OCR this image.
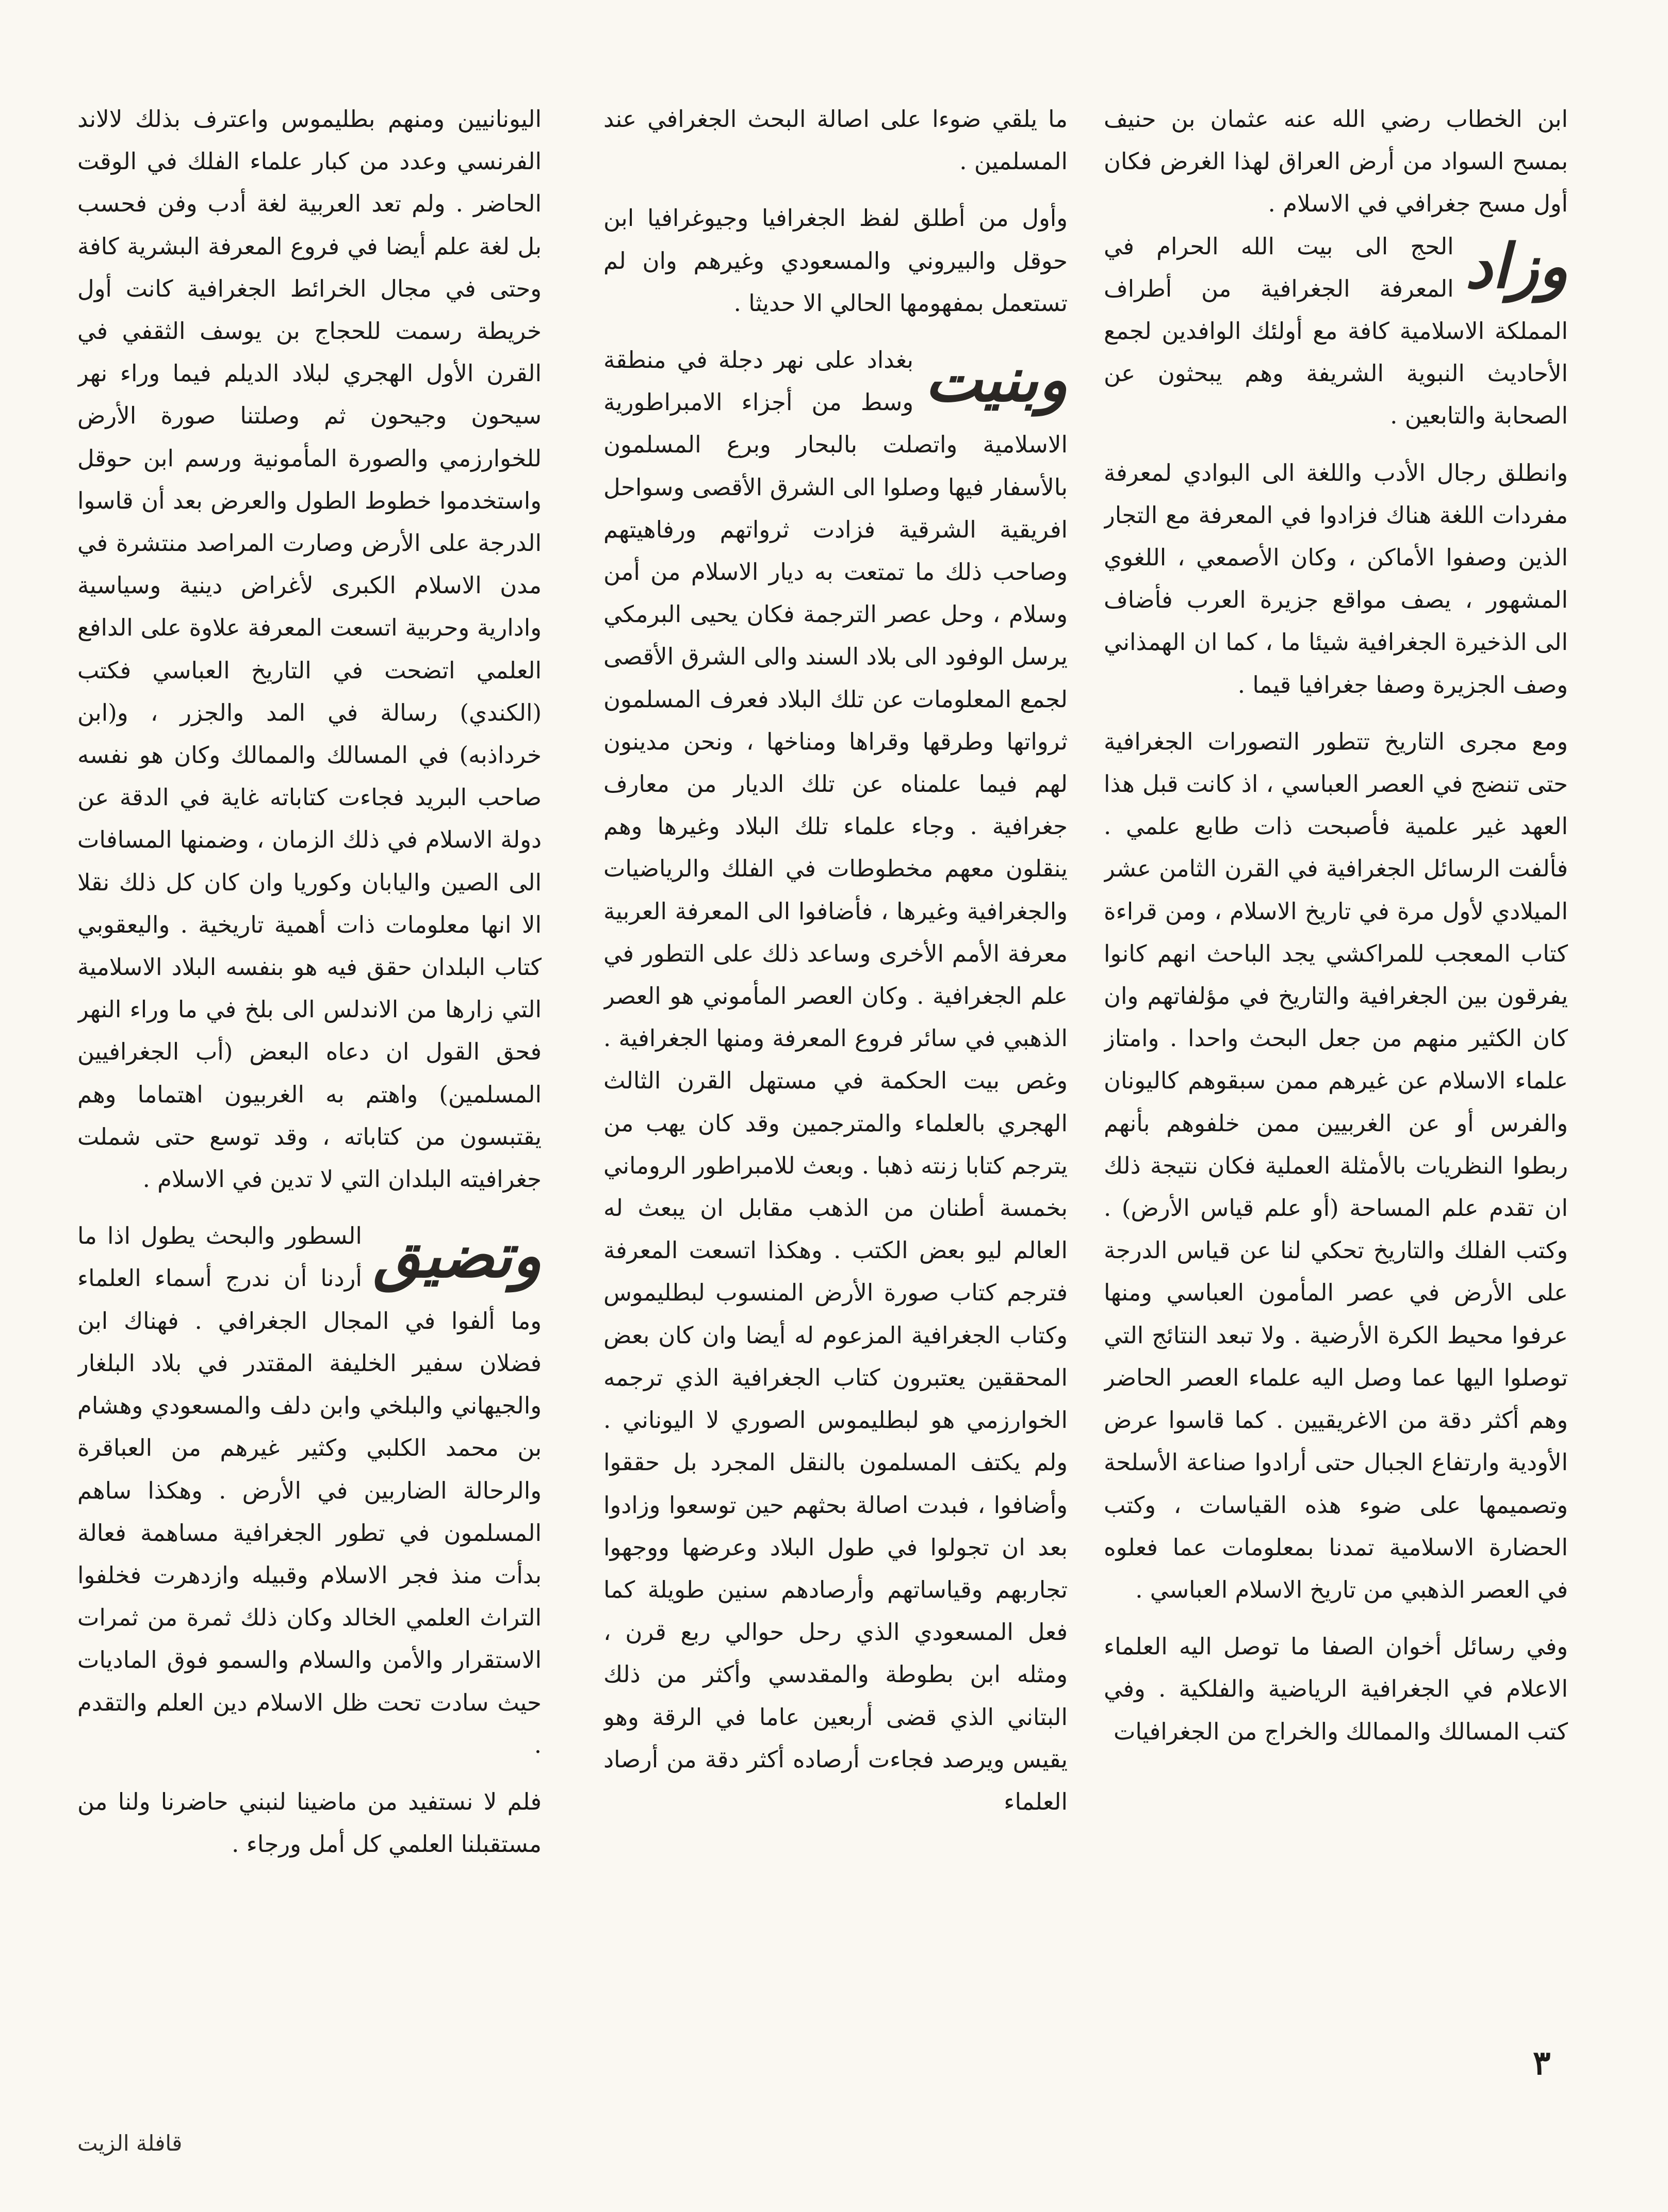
ابن الخطاب رضي الله عنه عثمان بن حنيف بمسح السواد من أرض العراق لهذا الغرض فكان أول مسح جغرافي في الاسلام .

وزاد
الحج الى بيت الله الحرام في المعرفة الجغرافية من أطراف المملكة الاسلامية كافة مع أولئك الوافدين لجمع الأحاديث النبوية الشريفة وهم يبحثون عن الصحابة والتابعين .

وانطلق رجال الأدب واللغة الى البوادي لمعرفة مفردات اللغة هناك فزادوا في المعرفة مع التجار الذين وصفوا الأماكن ، وكان الأصمعي ، اللغوي المشهور ، يصف مواقع جزيرة العرب فأضاف الى الذخيرة الجغرافية شيئا ما ، كما ان الهمذاني وصف الجزيرة وصفا جغرافيا قيما .

ومع مجرى التاريخ تتطور التصورات الجغرافية حتى تنضج في العصر العباسي ، اذ كانت قبل هذا العهد غير علمية فأصبحت ذات طابع علمي . فألفت الرسائل الجغرافية في القرن الثامن عشر الميلادي لأول مرة في تاريخ الاسلام ، ومن قراءة كتاب المعجب للمراكشي يجد الباحث انهم كانوا يفرقون بين الجغرافية والتاريخ في مؤلفاتهم وان كان الكثير منهم من جعل البحث واحدا . وامتاز علماء الاسلام عن غيرهم ممن سبقوهم كاليونان والفرس أو عن الغربيين ممن خلفوهم بأنهم ربطوا النظريات بالأمثلة العملية فكان نتيجة ذلك ان تقدم علم المساحة (أو علم قياس الأرض) . وكتب الفلك والتاريخ تحكي لنا عن قياس الدرجة على الأرض في عصر المأمون العباسي ومنها عرفوا محيط الكرة الأرضية . ولا تبعد النتائج التي توصلوا اليها عما وصل اليه علماء العصر الحاضر وهم أكثر دقة من الاغريقيين . كما قاسوا عرض الأودية وارتفاع الجبال حتى أرادوا صناعة الأسلحة وتصميمها على ضوء هذه القياسات ، وكتب الحضارة الاسلامية تمدنا بمعلومات عما فعلوه في العصر الذهبي من تاريخ الاسلام العباسي .

وفي رسائل أخوان الصفا ما توصل اليه العلماء الاعلام في الجغرافية الرياضية والفلكية . وفي كتب المسالك والممالك والخراج من الجغرافيات

ما يلقي ضوءا على اصالة البحث الجغرافي عند المسلمين .

وأول من أطلق لفظ الجغرافيا وجيوغرافيا ابن حوقل والبيروني والمسعودي وغيرهم وان لم تستعمل بمفهومها الحالي الا حديثا .

وبنيت
بغداد على نهر دجلة في منطقة وسط من أجزاء الامبراطورية الاسلامية واتصلت بالبحار وبرع المسلمون بالأسفار فيها وصلوا الى الشرق الأقصى وسواحل افريقية الشرقية فزادت ثرواتهم ورفاهيتهم وصاحب ذلك ما تمتعت به ديار الاسلام من أمن وسلام ، وحل عصر الترجمة فكان يحيى البرمكي يرسل الوفود الى بلاد السند والى الشرق الأقصى لجمع المعلومات عن تلك البلاد فعرف المسلمون ثرواتها وطرقها وقراها ومناخها ، ونحن مدينون لهم فيما علمناه عن تلك الديار من معارف جغرافية . وجاء علماء تلك البلاد وغيرها وهم ينقلون معهم مخطوطات في الفلك والرياضيات والجغرافية وغيرها ، فأضافوا الى المعرفة العربية معرفة الأمم الأخرى وساعد ذلك على التطور في علم الجغرافية . وكان العصر المأموني هو العصر الذهبي في سائر فروع المعرفة ومنها الجغرافية . وغص بيت الحكمة في مستهل القرن الثالث الهجري بالعلماء والمترجمين وقد كان يهب من يترجم كتابا زنته ذهبا . وبعث للامبراطور الروماني بخمسة أطنان من الذهب مقابل ان يبعث له العالم ليو بعض الكتب . وهكذا اتسعت المعرفة فترجم كتاب صورة الأرض المنسوب لبطليموس وكتاب الجغرافية المزعوم له أيضا وان كان بعض المحققين يعتبرون كتاب الجغرافية الذي ترجمه الخوارزمي هو لبطليموس الصوري لا اليوناني . ولم يكتف المسلمون بالنقل المجرد بل حققوا وأضافوا ، فبدت اصالة بحثهم حين توسعوا وزادوا بعد ان تجولوا في طول البلاد وعرضها ووجهوا تجاربهم وقياساتهم وأرصادهم سنين طويلة كما فعل المسعودي الذي رحل حوالي ربع قرن ، ومثله ابن بطوطة والمقدسي وأكثر من ذلك البتاني الذي قضى أربعين عاما في الرقة وهو يقيس ويرصد فجاءت أرصاده أكثر دقة من أرصاد العلماء

اليونانيين ومنهم بطليموس واعترف بذلك لالاند الفرنسي وعدد من كبار علماء الفلك في الوقت الحاضر . ولم تعد العربية لغة أدب وفن فحسب بل لغة علم أيضا في فروع المعرفة البشرية كافة وحتى في مجال الخرائط الجغرافية كانت أول خريطة رسمت للحجاج بن يوسف الثقفي في القرن الأول الهجري لبلاد الديلم فيما وراء نهر سيحون وجيحون ثم وصلتنا صورة الأرض للخوارزمي والصورة المأمونية ورسم ابن حوقل واستخدموا خطوط الطول والعرض بعد أن قاسوا الدرجة على الأرض وصارت المراصد منتشرة في مدن الاسلام الكبرى لأغراض دينية وسياسية وادارية وحربية اتسعت المعرفة علاوة على الدافع العلمي اتضحت في التاريخ العباسي فكتب (الكندي) رسالة في المد والجزر ، و(ابن خرداذبه) في المسالك والممالك وكان هو نفسه صاحب البريد فجاءت كتاباته غاية في الدقة عن دولة الاسلام في ذلك الزمان ، وضمنها المسافات الى الصين واليابان وكوريا وان كان كل ذلك نقلا الا انها معلومات ذات أهمية تاريخية . واليعقوبي كتاب البلدان حقق فيه هو بنفسه البلاد الاسلامية التي زارها من الاندلس الى بلخ في ما وراء النهر فحق القول ان دعاه البعض (أب الجغرافيين المسلمين) واهتم به الغربيون اهتماما وهم يقتبسون من كتاباته ، وقد توسع حتى شملت جغرافيته البلدان التي لا تدين في الاسلام .

وتضيق
السطور والبحث يطول اذا ما أردنا أن ندرج أسماء العلماء وما ألفوا في المجال الجغرافي . فهناك ابن فضلان سفير الخليفة المقتدر في بلاد البلغار والجيهاني والبلخي وابن دلف والمسعودي وهشام بن محمد الكلبي وكثير غيرهم من العباقرة والرحالة الضاربين في الأرض . وهكذا ساهم المسلمون في تطور الجغرافية مساهمة فعالة بدأت منذ فجر الاسلام وقبيله وازدهرت فخلفوا التراث العلمي الخالد وكان ذلك ثمرة من ثمرات الاستقرار والأمن والسلام والسمو فوق الماديات حيث سادت تحت ظل الاسلام دين العلم والتقدم .

فلم لا نستفيد من ماضينا لنبني حاضرنا ولنا من مستقبلنا العلمي كل أمل ورجاء .

٣
قافلة الزيت
